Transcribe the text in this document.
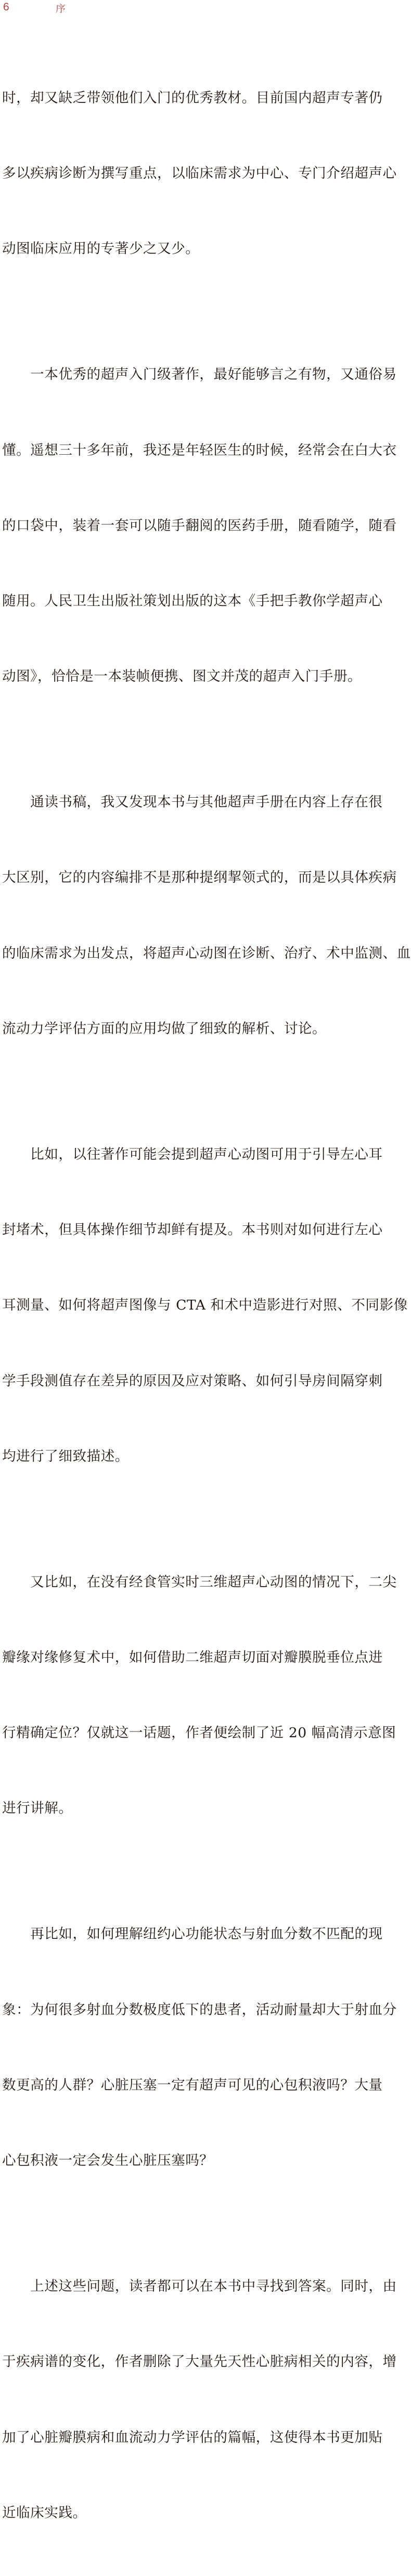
6	序

时，却又缺乏带领他们入门的优秀教材。目前国内超声专著仍

多以疾病诊断为撰写重点，以临床需求为中心、专门介绍超声心

动图临床应用的专著少之又少。

　　一本优秀的超声入门级著作，最好能够言之有物，又通俗易

懂。遥想三十多年前，我还是年轻医生的时候，经常会在白大衣

的口袋中，装着一套可以随手翻阅的医药手册，随看随学，随看

随用。人民卫生出版社策划出版的这本《手把手教你学超声心

动图》，恰恰是一本装帧便携、图文并茂的超声入门手册。

　　通读书稿，我又发现本书与其他超声手册在内容上存在很

大区别，它的内容编排不是那种提纲挈领式的，而是以具体疾病

的临床需求为出发点，将超声心动图在诊断、治疗、术中监测、血

流动力学评估方面的应用均做了细致的解析、讨论。

　　比如，以往著作可能会提到超声心动图可用于引导左心耳

封堵术，但具体操作细节却鲜有提及。本书则对如何进行左心

耳测量、如何将超声图像与 CTA 和术中造影进行对照、不同影像

学手段测值存在差异的原因及应对策略、如何引导房间隔穿刺

均进行了细致描述。

　　又比如，在没有经食管实时三维超声心动图的情况下，二尖

瓣缘对缘修复术中，如何借助二维超声切面对瓣膜脱垂位点进

行精确定位？仅就这一话题，作者便绘制了近 20 幅高清示意图

进行讲解。

　　再比如，如何理解纽约心功能状态与射血分数不匹配的现

象：为何很多射血分数极度低下的患者，活动耐量却大于射血分

数更高的人群？心脏压塞一定有超声可见的心包积液吗？大量

心包积液一定会发生心脏压塞吗？

　　上述这些问题，读者都可以在本书中寻找到答案。同时，由

于疾病谱的变化，作者删除了大量先天性心脏病相关的内容，增

加了心脏瓣膜病和血流动力学评估的篇幅，这使得本书更加贴

近临床实践。
